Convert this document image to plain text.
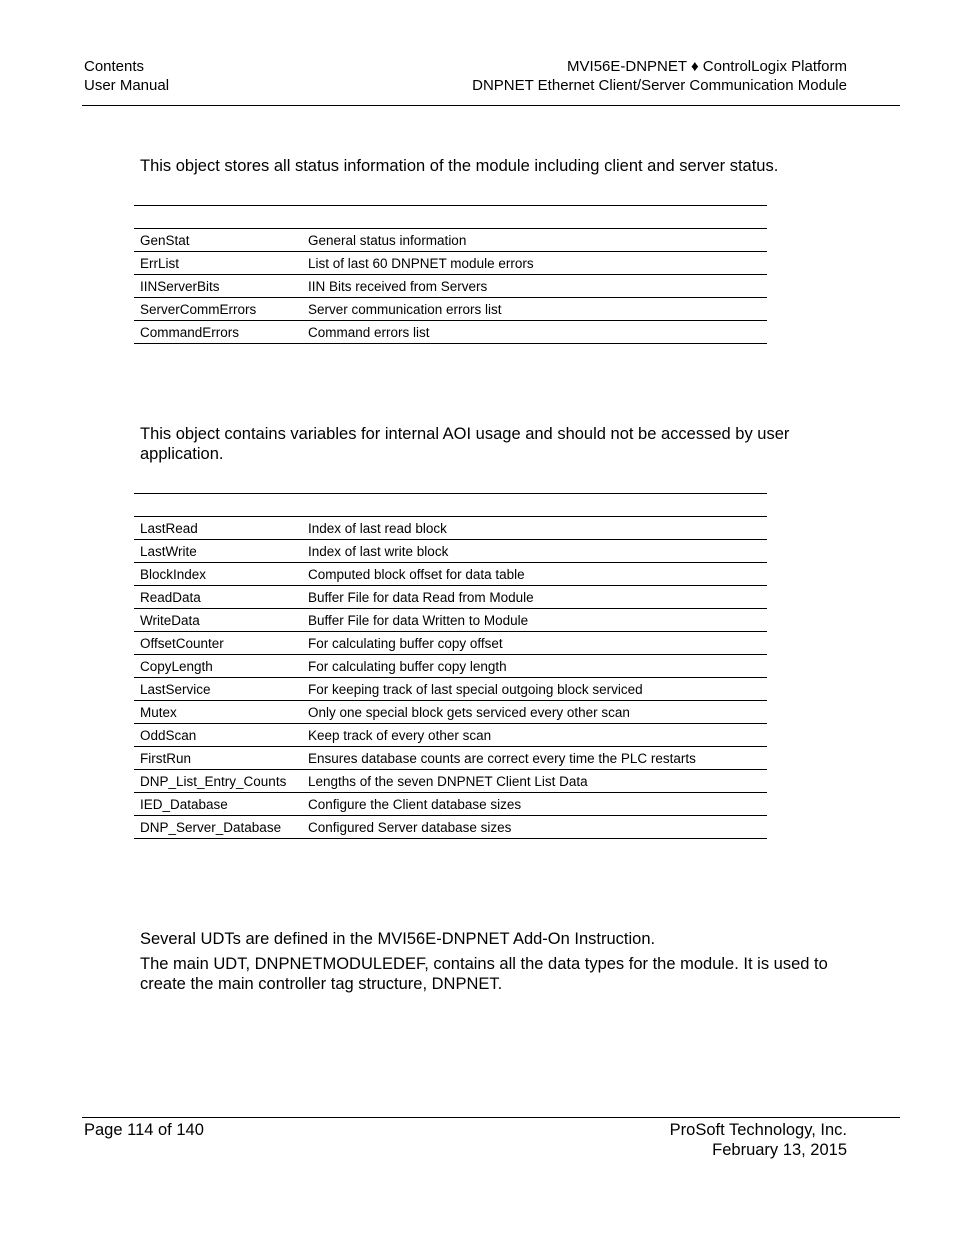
Contents
User Manual
MVI56E-DNPNET ♦ ControlLogix Platform
DNPNET Ethernet Client/Server Communication Module

This object stores all status information of the module including client and server status.

GenStat	General status information
ErrList	List of last 60 DNPNET module errors
IINServerBits	IIN Bits received from Servers
ServerCommErrors	Server communication errors list
CommandErrors	Command errors list

This object contains variables for internal AOI usage and should not be accessed by user application.

LastRead	Index of last read block
LastWrite	Index of last write block
BlockIndex	Computed block offset for data table
ReadData	Buffer File for data Read from Module
WriteData	Buffer File for data Written to Module
OffsetCounter	For calculating buffer copy offset
CopyLength	For calculating buffer copy length
LastService	For keeping track of last special outgoing block serviced
Mutex	Only one special block gets serviced every other scan
OddScan	Keep track of every other scan
FirstRun	Ensures database counts are correct every time the PLC restarts
DNP_List_Entry_Counts	Lengths of the seven DNPNET Client List Data
IED_Database	Configure the Client database sizes
DNP_Server_Database	Configured Server database sizes

Several UDTs are defined in the MVI56E-DNPNET Add-On Instruction.

The main UDT, DNPNETMODULEDEF, contains all the data types for the module. It is used to create the main controller tag structure, DNPNET.

Page 114 of 140	ProSoft Technology, Inc.
February 13, 2015
